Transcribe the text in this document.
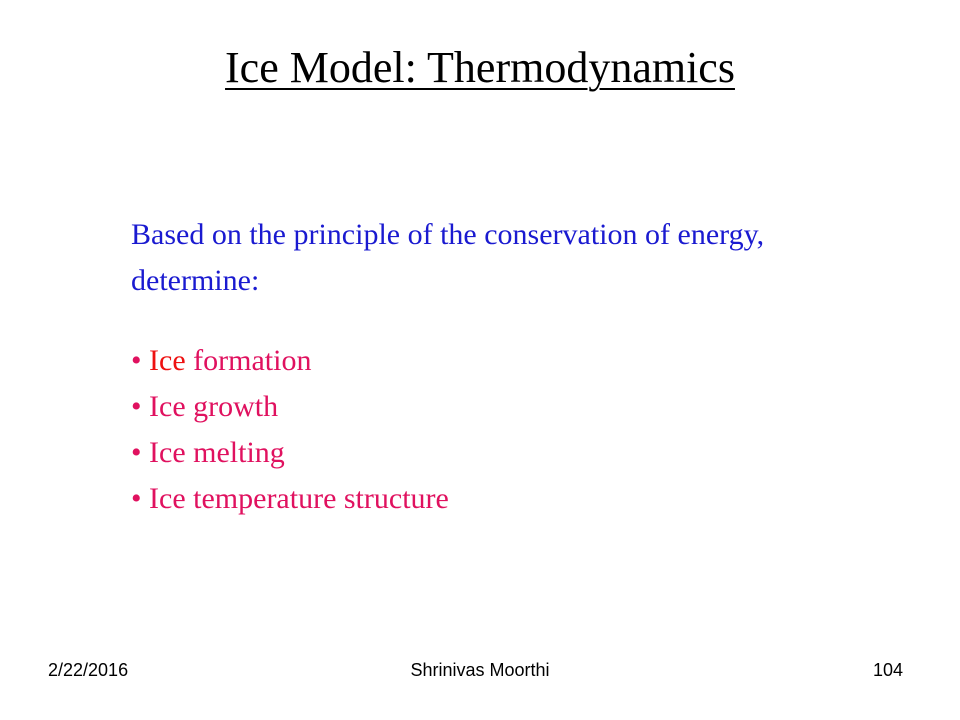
Ice Model: Thermodynamics

Based on the principle of the conservation of energy, determine:

• Ice formation
• Ice growth
• Ice melting
• Ice temperature structure
Shrinivas Moorthi
2/22/2016	104
